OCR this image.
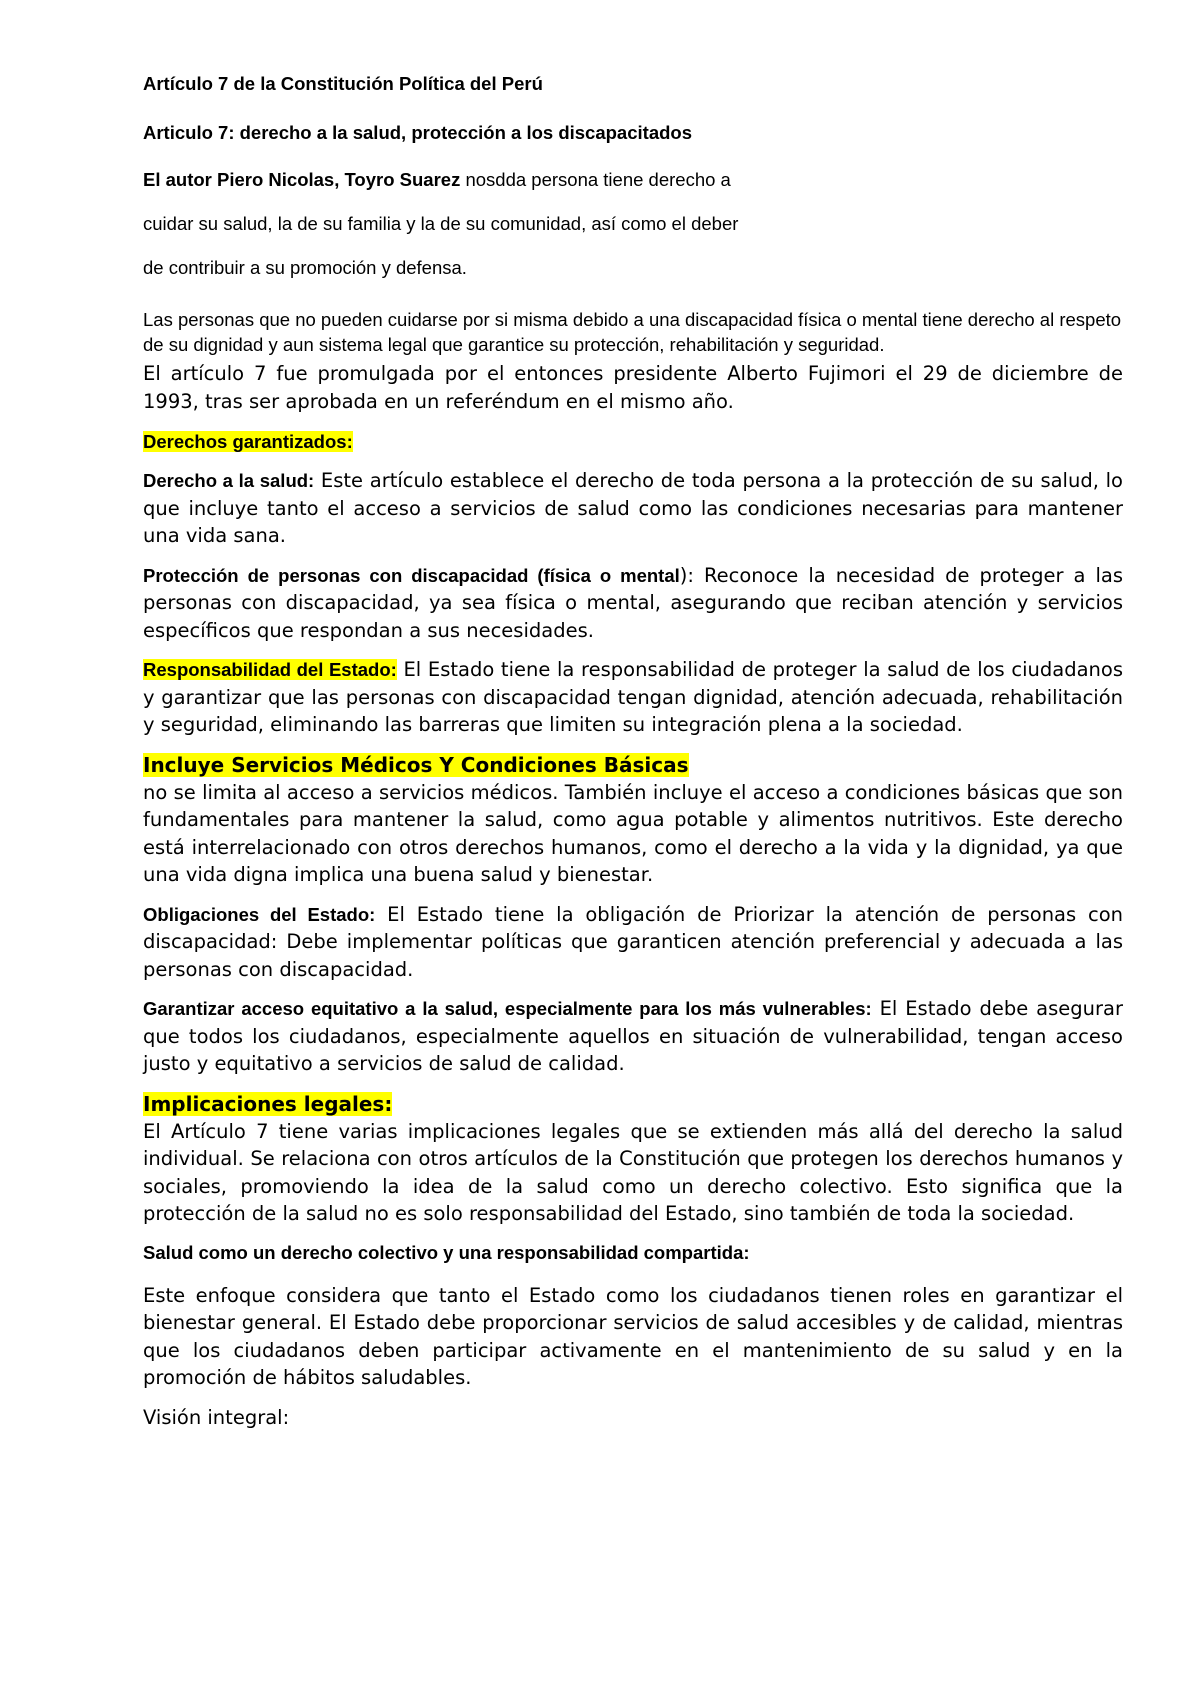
Artículo 7 de la Constitución Política del Perú

Articulo 7: derecho a la salud, protección a los discapacitados

El autor Piero Nicolas, Toyro Suarez nosdda persona tiene derecho a

cuidar su salud, la de su familia y la de su comunidad, así como el deber

de contribuir a su promoción y defensa.

Las personas que no pueden cuidarse por si misma debido a una discapacidad física o mental tiene derecho al respeto de su dignidad y aun sistema legal que garantice su protección, rehabilitación y seguridad.

El artículo 7 fue promulgada por el entonces presidente Alberto Fujimori el 29 de diciembre de 1993, tras ser aprobada en un referéndum en el mismo año.

Derechos garantizados:

Derecho a la salud: Este artículo establece el derecho de toda persona a la protección de su salud, lo que incluye tanto el acceso a servicios de salud como las condiciones necesarias para mantener una vida sana.

Protección de personas con discapacidad (física o mental): Reconoce la necesidad de proteger a las personas con discapacidad, ya sea física o mental, asegurando que reciban atención y servicios específicos que respondan a sus necesidades.

Responsabilidad del Estado: El Estado tiene la responsabilidad de proteger la salud de los ciudadanos y garantizar que las personas con discapacidad tengan dignidad, atención adecuada, rehabilitación y seguridad, eliminando las barreras que limiten su integración plena a la sociedad.

Incluye Servicios Médicos Y Condiciones Básicas

no se limita al acceso a servicios médicos. También incluye el acceso a condiciones básicas que son fundamentales para mantener la salud, como agua potable y alimentos nutritivos. Este derecho está interrelacionado con otros derechos humanos, como el derecho a la vida y la dignidad, ya que una vida digna implica una buena salud y bienestar.

Obligaciones del Estado: El Estado tiene la obligación de Priorizar la atención de personas con discapacidad: Debe implementar políticas que garanticen atención preferencial y adecuada a las personas con discapacidad.

Garantizar acceso equitativo a la salud, especialmente para los más vulnerables: El Estado debe asegurar que todos los ciudadanos, especialmente aquellos en situación de vulnerabilidad, tengan acceso justo y equitativo a servicios de salud de calidad.

Implicaciones legales:

El Artículo 7 tiene varias implicaciones legales que se extienden más allá del derecho la salud individual. Se relaciona con otros artículos de la Constitución que protegen los derechos humanos y sociales, promoviendo la idea de la salud como un derecho colectivo. Esto significa que la protección de la salud no es solo responsabilidad del Estado, sino también de toda la sociedad.

Salud como un derecho colectivo y una responsabilidad compartida:

Este enfoque considera que tanto el Estado como los ciudadanos tienen roles en garantizar el bienestar general. El Estado debe proporcionar servicios de salud accesibles y de calidad, mientras que los ciudadanos deben participar activamente en el mantenimiento de su salud y en la promoción de hábitos saludables.

Visión integral:
